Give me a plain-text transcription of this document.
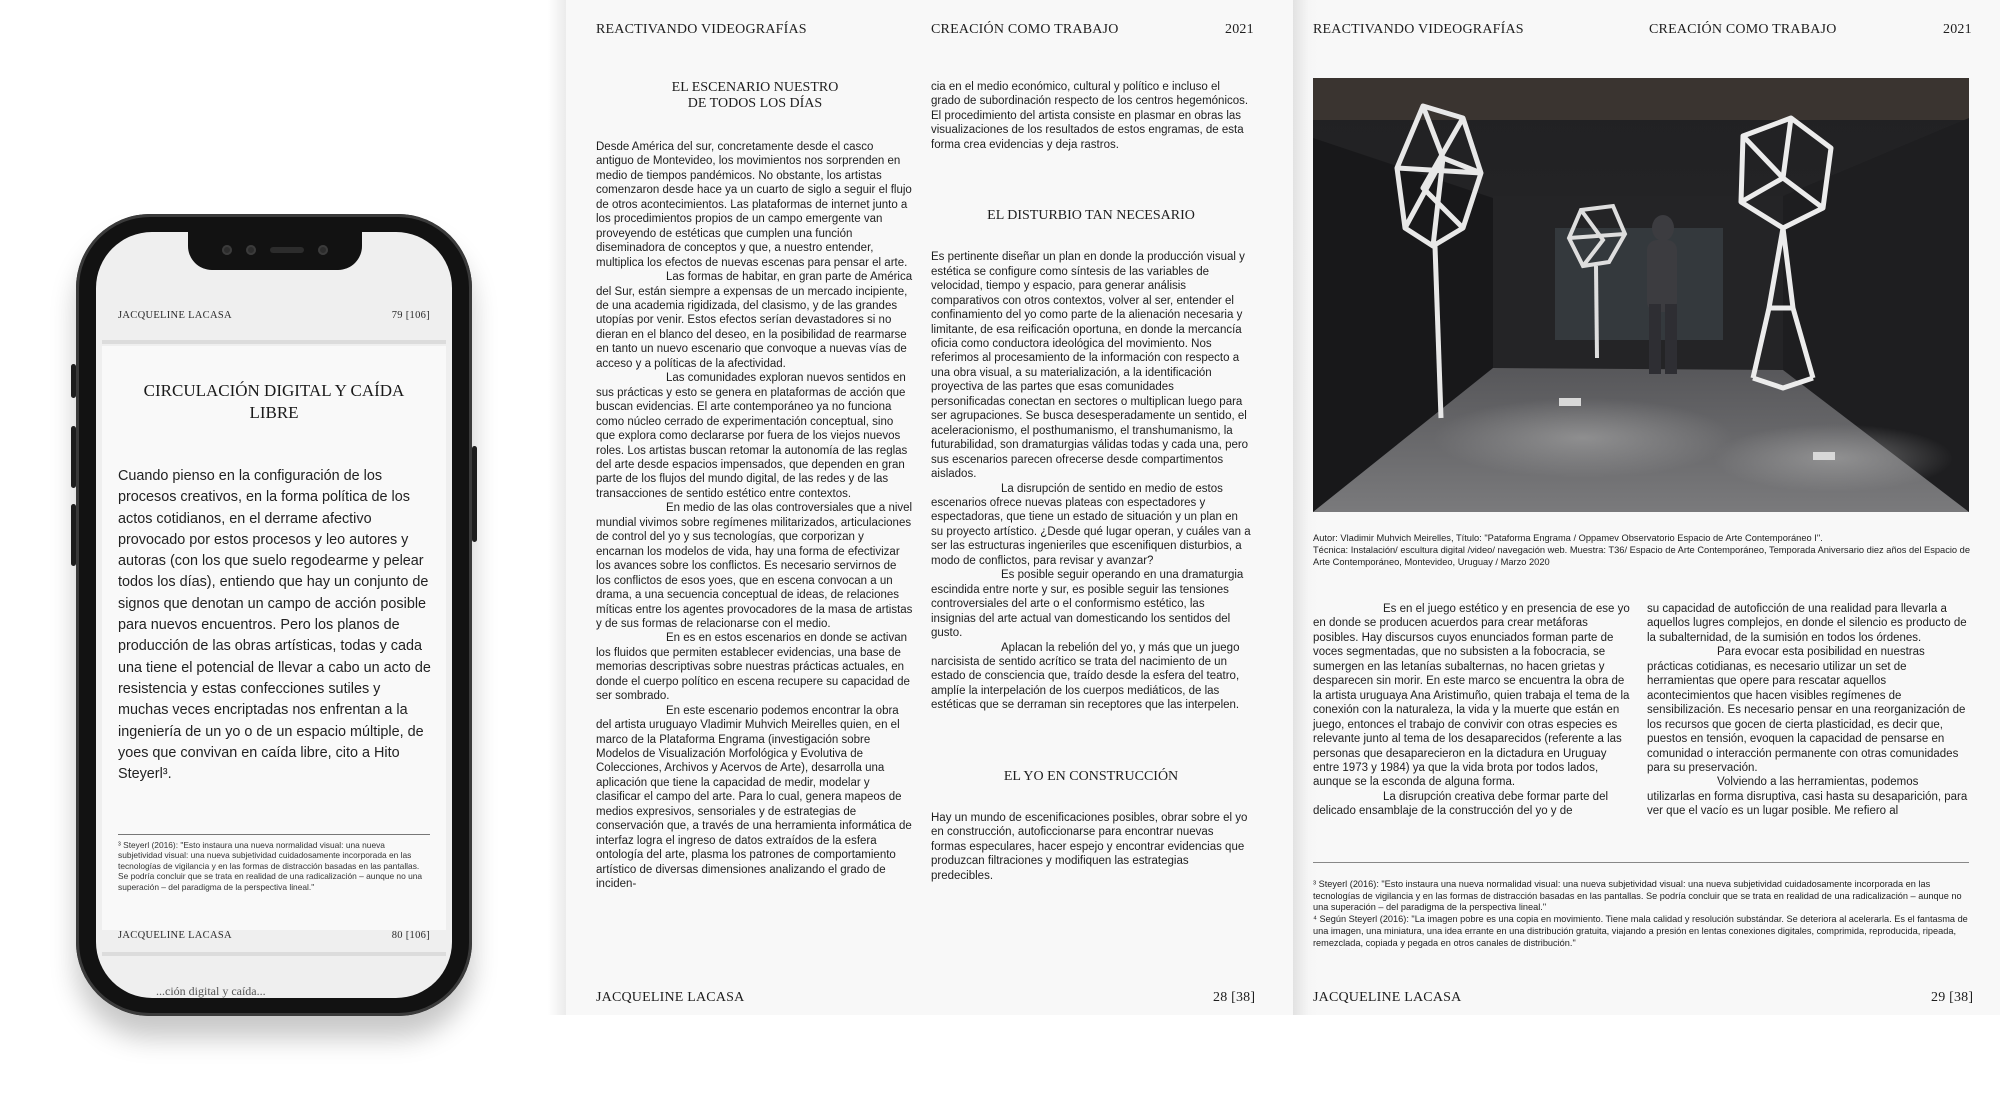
JACQUELINE LACASA	79 [106]
CIRCULACIÓN DIGITAL Y CAÍDA LIBRE
Cuando pienso en la configuración de los procesos creativos, en la forma política de los actos cotidianos, en el derrame afectivo provocado por estos procesos y leo autores y autoras (con los que suelo regodearme y pelear todos los días), entiendo que hay un conjunto de signos que denotan un campo de acción posible para nuevos encuentros. Pero los planos de producción de las obras artísticas, todas y cada una tiene el potencial de llevar a cabo un acto de resistencia y estas confecciones sutiles y muchas veces encriptadas nos enfrentan a la ingeniería de un yo o de un espacio múltiple, de yoes que convivan en caída libre, cito a Hito Steyerl³.
³ Steyerl (2016): "Esto instaura una nueva normalidad visual: una nueva subjetividad visual: una nueva subjetividad cuidadosamente incorporada en las tecnologías de vigilancia y en las formas de distracción basadas en las pantallas. Se podría concluir que se trata en realidad de una radicalización – aunque no una superación – del paradigma de la perspectiva lineal."
JACQUELINE LACASA	80 [106]
...ción digital y caída...
REACTIVANDO VIDEOGRAFÍAS	CREACIÓN COMO TRABAJO	2021

EL ESCENARIO NUESTRO
DE TODOS LOS DÍAS

Desde América del sur, concretamente desde el casco antiguo de Montevideo, los movimientos nos sorprenden en medio de tiempos pandémicos. No obstante, los artistas comenzaron desde hace ya un cuarto de siglo a seguir el flujo de otros acontecimientos. Las plataformas de internet junto a los procedimientos propios de un campo emergente van proveyendo de estéticas que cumplen una función diseminadora de conceptos y que, a nuestro entender, multiplica los efectos de nuevas escenas para pensar el arte.

Las formas de habitar, en gran parte de América del Sur, están siempre a expensas de un mercado incipiente, de una academia rigidizada, del clasismo, y de las grandes utopías por venir. Estos efectos serían devastadores si no dieran en el blanco del deseo, en la posibilidad de rearmarse en tanto un nuevo escenario que convoque a nuevas vías de acceso y a políticas de la afectividad.

Las comunidades exploran nuevos sentidos en sus prácticas y esto se genera en plataformas de acción que buscan evidencias. El arte contemporáneo ya no funciona como núcleo cerrado de experimentación conceptual, sino que explora como declararse por fuera de los viejos nuevos roles. Los artistas buscan retomar la autonomía de las reglas del arte desde espacios impensados, que dependen en gran parte de los flujos del mundo digital, de las redes y de las transacciones de sentido estético entre contextos.

En medio de las olas controversiales que a nivel mundial vivimos sobre regímenes militarizados, articulaciones de control del yo y sus tecnologías, que corporizan y encarnan los modelos de vida, hay una forma de efectivizar los avances sobre los conflictos. Es necesario servirnos de los conflictos de esos yoes, que en escena convocan a un drama, a una secuencia conceptual de ideas, de relaciones míticas entre los agentes provocadores de la masa de artistas y de sus formas de relacionarse con el medio.

En es en estos escenarios en donde se activan los fluidos que permiten establecer evidencias, una base de memorias descriptivas sobre nuestras prácticas actuales, en donde el cuerpo político en escena recupere su capacidad de ser sombrado.

En este escenario podemos encontrar la obra del artista uruguayo Vladimir Muhvich Meirelles quien, en el marco de la Plataforma Engrama (investigación sobre Modelos de Visualización Morfológica y Evolutiva de Colecciones, Archivos y Acervos de Arte), desarrolla una aplicación que tiene la capacidad de medir, modelar y clasificar el campo del arte. Para lo cual, genera mapeos de medios expresivos, sensoriales y de estrategias de conservación que, a través de una herramienta informática de interfaz logra el ingreso de datos extraídos de la esfera ontología del arte, plasma los patrones de comportamiento artístico de diversas dimensiones analizando el grado de inciden-

cia en el medio económico, cultural y político e incluso el grado de subordinación respecto de los centros hegemónicos. El procedimiento del artista consiste en plasmar en obras las visualizaciones de los resultados de estos engramas, de esta forma crea evidencias y deja rastros.

EL DISTURBIO TAN NECESARIO

Es pertinente diseñar un plan en donde la producción visual y estética se configure como síntesis de las variables de velocidad, tiempo y espacio, para generar análisis comparativos con otros contextos, volver al ser, entender el confinamiento del yo como parte de la alienación necesaria y limitante, de esa reificación oportuna, en donde la mercancía oficia como conductora ideológica del movimiento. Nos referimos al procesamiento de la información con respecto a una obra visual, a su materialización, a la identificación proyectiva de las partes que esas comunidades personificadas conectan en sectores o multiplican luego para ser agrupaciones. Se busca desesperadamente un sentido, el aceleracionismo, el posthumanismo, el transhumanismo, la futurabilidad, son dramaturgias válidas todas y cada una, pero sus escenarios parecen ofrecerse desde compartimentos aislados.

La disrupción de sentido en medio de estos escenarios ofrece nuevas plateas con espectadores y espectadoras, que tiene un estado de situación y un plan en su proyecto artístico. ¿Desde qué lugar operan, y cuáles van a ser las estructuras ingenieriles que escenifiquen disturbios, a modo de conflictos, para revisar y avanzar?

Es posible seguir operando en una dramaturgia escindida entre norte y sur, es posible seguir las tensiones controversiales del arte o el conformismo estético, las insignias del arte actual van domesticando los sentidos del gusto.

Aplacan la rebelión del yo, y más que un juego narcisista de sentido acrítico se trata del nacimiento de un estado de consciencia que, traído desde la esfera del teatro, amplíe la interpelación de los cuerpos mediáticos, de las estéticas que se derraman sin receptores que las interpelen.

EL YO EN CONSTRUCCIÓN

Hay un mundo de escenificaciones posibles, obrar sobre el yo en construcción, autoficcionarse para encontrar nuevas formas especulares, hacer espejo y encontrar evidencias que produzcan filtraciones y modifiquen las estrategias predecibles.

JACQUELINE LACASA	28 [38]
REACTIVANDO VIDEOGRAFÍAS	CREACIÓN COMO TRABAJO	2021
Autor: Vladimir Muhvich Meirelles, Título: "Pataforma Engrama / Oppamev Observatorio Espacio de Arte Contemporáneo I".
Técnica: Instalación/ escultura digital /video/ navegación web. Muestra: T36/ Espacio de Arte Contemporáneo, Temporada Aniversario diez años del Espacio de Arte Contemporáneo, Montevideo, Uruguay / Marzo 2020

Es en el juego estético y en presencia de ese yo en donde se producen acuerdos para crear metáforas posibles. Hay discursos cuyos enunciados forman parte de voces segmentadas, que no subsisten a la fobocracia, se sumergen en las letanías subalternas, no hacen grietas y desparecen sin morir. En este marco se encuentra la obra de la artista uruguaya Ana Aristimuño, quien trabaja el tema de la conexión con la naturaleza, la vida y la muerte que están en juego, entonces el trabajo de convivir con otras especies es relevante junto al tema de los desaparecidos (referente a las personas que desaparecieron en la dictadura en Uruguay entre 1973 y 1984) ya que la vida brota por todos lados, aunque se la esconda de alguna forma.

La disrupción creativa debe formar parte del delicado ensamblaje de la construcción del yo y de

su capacidad de autoficción de una realidad para llevarla a aquellos lugres complejos, en donde el silencio es producto de la subalternidad, de la sumisión en todos los órdenes.

Para evocar esta posibilidad en nuestras prácticas cotidianas, es necesario utilizar un set de herramientas que opere para rescatar aquellos acontecimientos que hacen visibles regímenes de sensibilización. Es necesario pensar en una reorganización de los recursos que gocen de cierta plasticidad, es decir que, puestos en tensión, evoquen la capacidad de pensarse en comunidad o interacción permanente con otras comunidades para su preservación.

Volviendo a las herramientas, podemos utilizarlas en forma disruptiva, casi hasta su desaparición, para ver que el vacío es un lugar posible. Me refiero al

³ Steyerl (2016): "Esto instaura una nueva normalidad visual: una nueva subjetividad visual: una nueva subjetividad cuidadosamente incorporada en las tecnologías de vigilancia y en las formas de distracción basadas en las pantallas. Se podría concluir que se trata en realidad de una radicalización – aunque no una superación – del paradigma de la perspectiva lineal."
⁴ Según Steyerl (2016): "La imagen pobre es una copia en movimiento. Tiene mala calidad y resolución substándar. Se deteriora al acelerarla. Es el fantasma de una imagen, una miniatura, una idea errante en una distribución gratuita, viajando a presión en lentas conexiones digitales, comprimida, reproducida, ripeada, remezclada, copiada y pegada en otros canales de distribución."
JACQUELINE LACASA	29 [38]
